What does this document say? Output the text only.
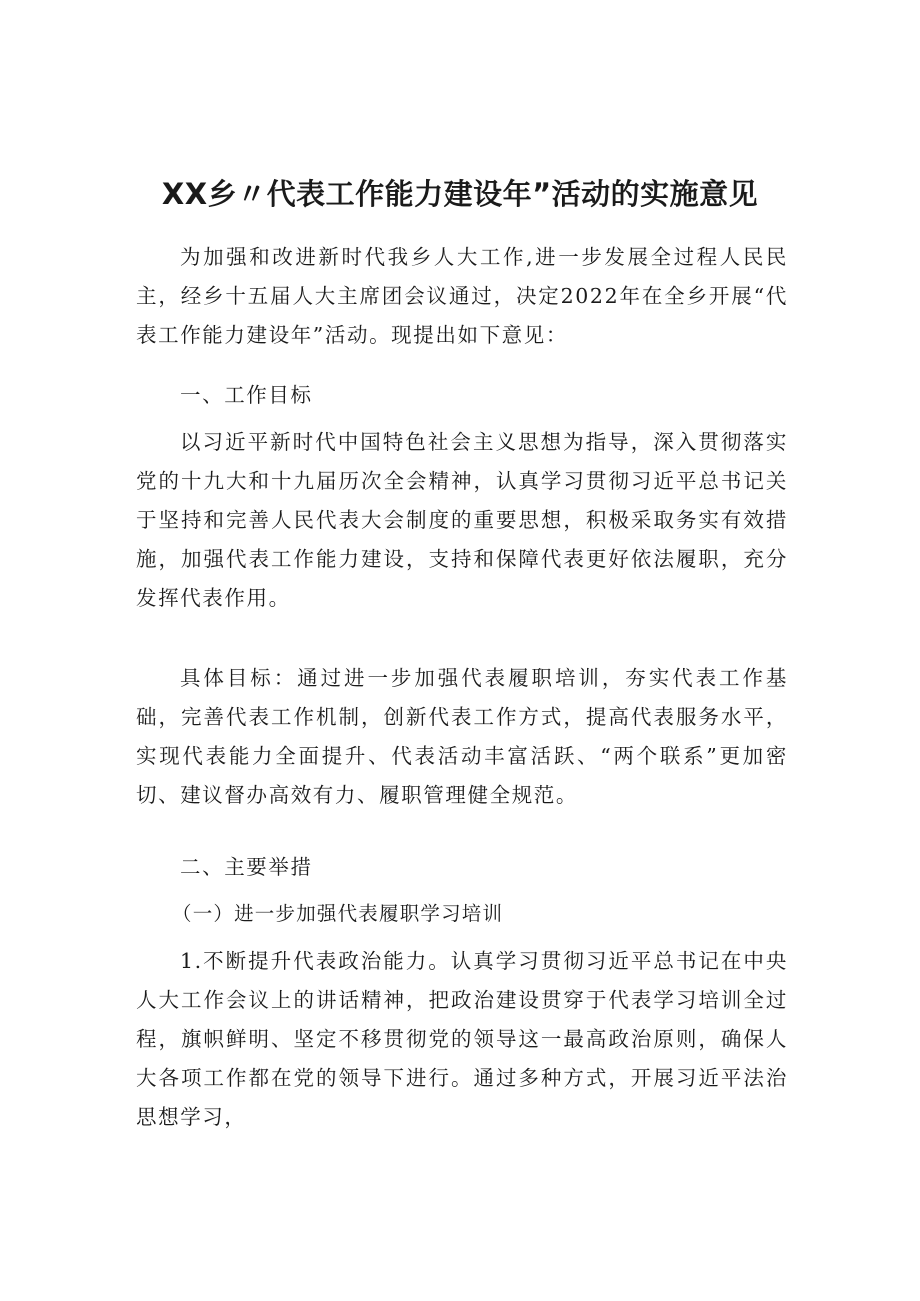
XX乡〃代表工作能力建设年”活动的实施意见

为加强和改进新时代我乡人大工作,进一步发展全过程人民民主，经乡十五届人大主席团会议通过，决定2022年在全乡开展“代表工作能力建设年”活动。现提出如下意见：

一、工作目标

以习近平新时代中国特色社会主义思想为指导，深入贯彻落实党的十九大和十九届历次全会精神，认真学习贯彻习近平总书记关于坚持和完善人民代表大会制度的重要思想，积极采取务实有效措施，加强代表工作能力建设，支持和保障代表更好依法履职，充分发挥代表作用。

具体目标：通过进一步加强代表履职培训，夯实代表工作基础，完善代表工作机制，创新代表工作方式，提高代表服务水平，实现代表能力全面提升、代表活动丰富活跃、“两个联系”更加密切、建议督办高效有力、履职管理健全规范。

二、主要举措

（一）进一步加强代表履职学习培训

1.不断提升代表政治能力。认真学习贯彻习近平总书记在中央人大工作会议上的讲话精神，把政治建设贯穿于代表学习培训全过程，旗帜鲜明、坚定不移贯彻党的领导这一最高政治原则，确保人大各项工作都在党的领导下进行。通过多种方式，开展习近平法治思想学习，
